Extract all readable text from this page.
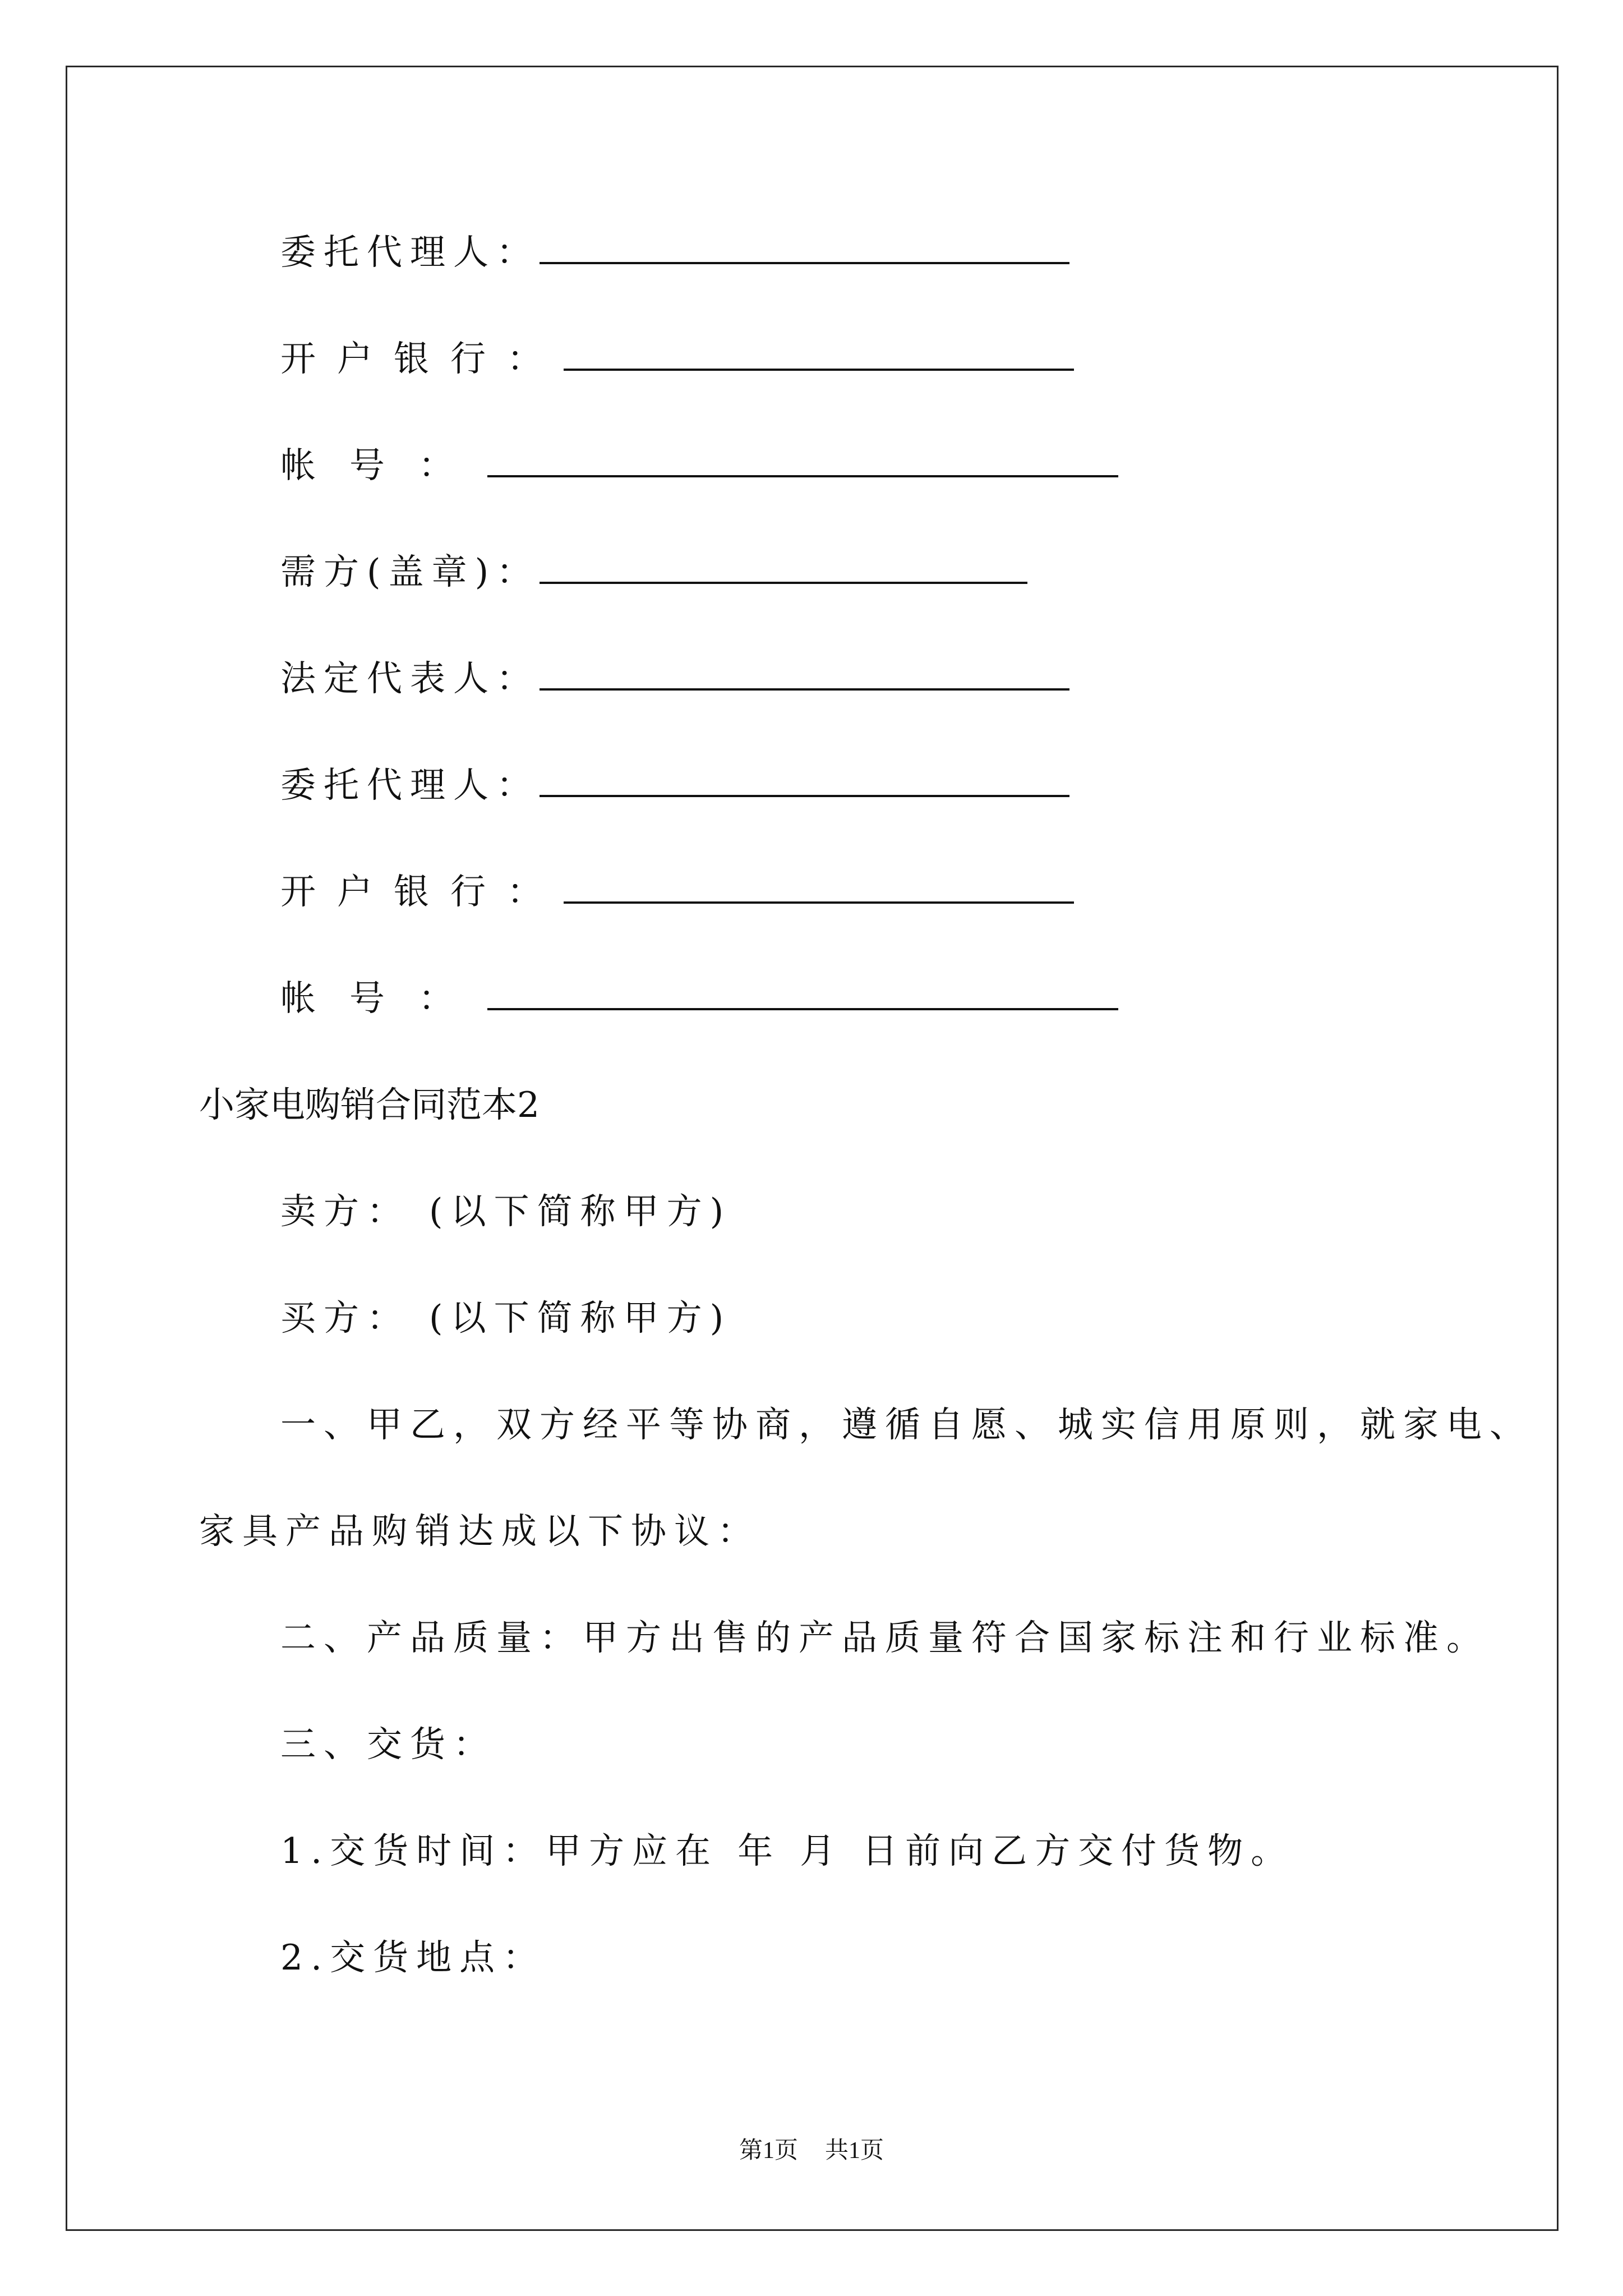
委托代理人：
开户银行：
帐号：
需方(盖章)：
法定代表人：
委托代理人：
开户银行：
帐号：
小家电购销合同范本2
卖方： (以下简称甲方)
买方： (以下简称甲方)
一、甲乙，双方经平等协商，遵循自愿、城实信用原则，就家电、
家具产品购销达成以下协议：
二、产品质量：甲方出售的产品质量符合国家标注和行业标准。
三、交货：
1.交货时间：甲方应在 年 月 日前向乙方交付货物。
2.交货地点：
第1页 共1页
